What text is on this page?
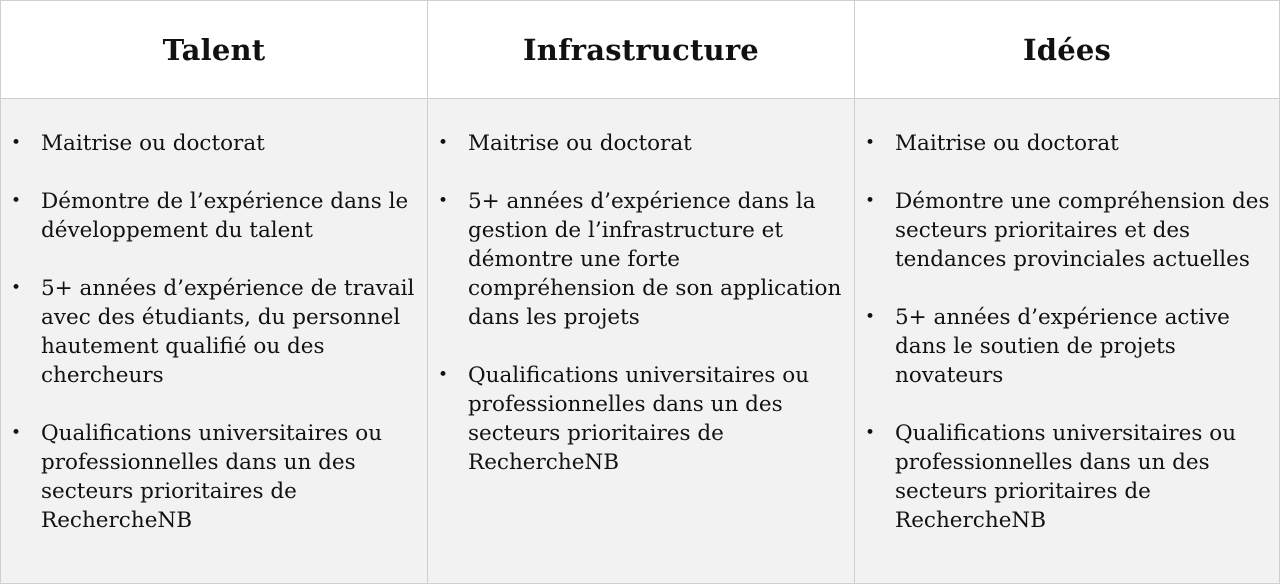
Talent	Infrastructure	Idées
• Maitrise ou doctorat
• Démontre de l’expérience dans le développement du talent
• 5+ années d’expérience de travail avec des étudiants, du personnel hautement qualifié ou des chercheurs
• Qualifications universitaires ou professionnelles dans un des secteurs prioritaires de RechercheNB
• Maitrise ou doctorat
• 5+ années d’expérience dans la gestion de l’infrastructure et démontre une forte compréhension de son application dans les projets
• Qualifications universitaires ou professionnelles dans un des secteurs prioritaires de RechercheNB
• Maitrise ou doctorat
• Démontre une compréhension des secteurs prioritaires et des tendances provinciales actuelles
• 5+ années d’expérience active dans le soutien de projets novateurs
• Qualifications universitaires ou professionnelles dans un des secteurs prioritaires de RechercheNB
